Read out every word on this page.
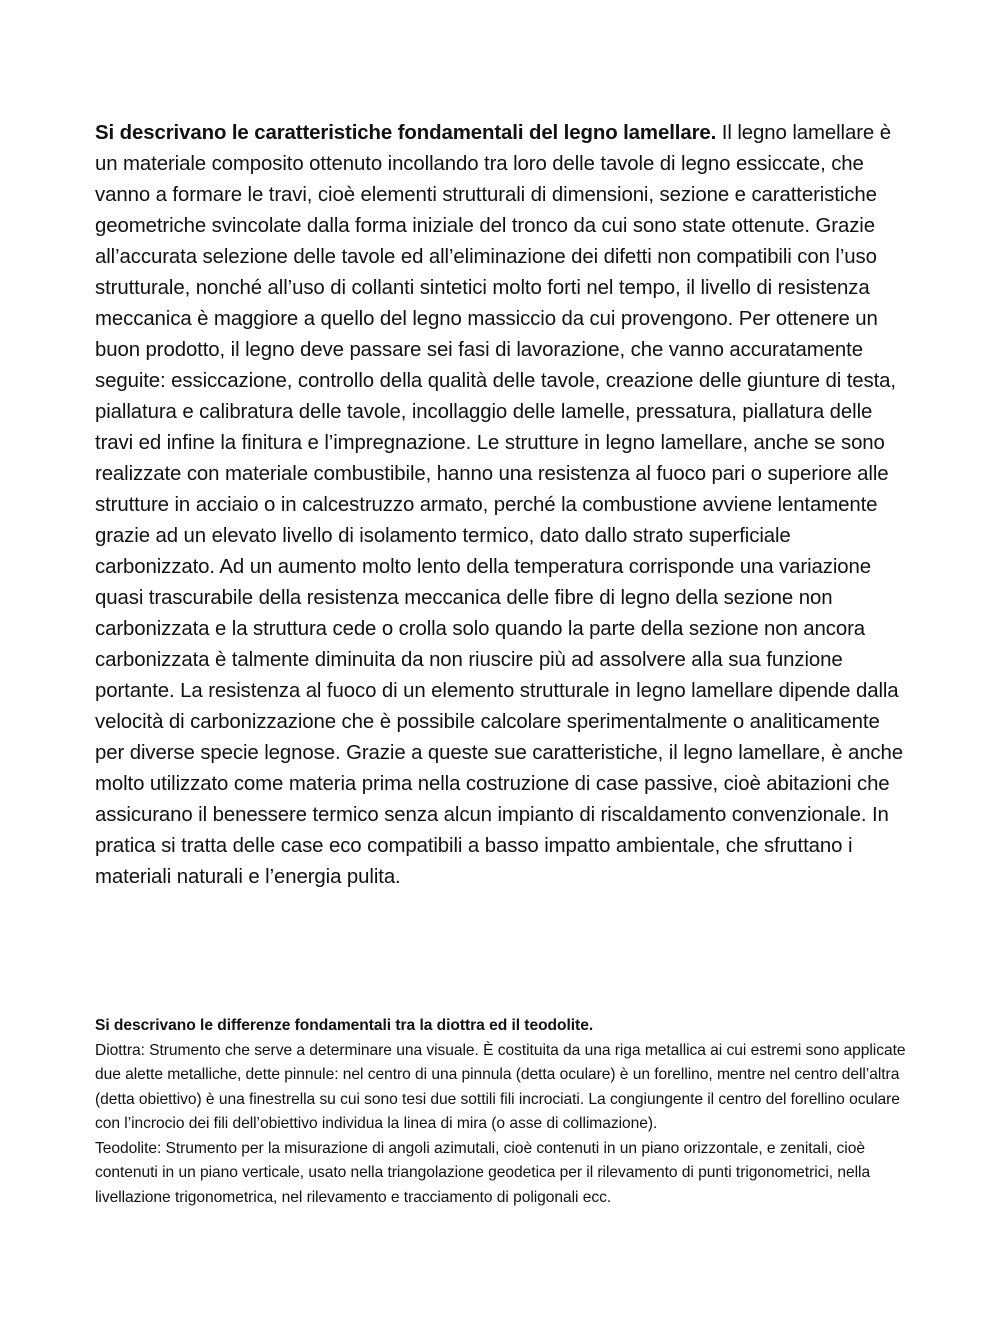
Si descrivano le caratteristiche fondamentali del legno lamellare. Il legno lamellare è un materiale composito ottenuto incollando tra loro delle tavole di legno essiccate, che vanno a formare le travi, cioè elementi strutturali di dimensioni, sezione e caratteristiche geometriche svincolate dalla forma iniziale del tronco da cui sono state ottenute. Grazie all’accurata selezione delle tavole ed all’eliminazione dei difetti non compatibili con l’uso strutturale, nonché all’uso di collanti sintetici molto forti nel tempo, il livello di resistenza meccanica è maggiore a quello del legno massiccio da cui provengono. Per ottenere un buon prodotto, il legno deve passare sei fasi di lavorazione, che vanno accuratamente seguite: essiccazione, controllo della qualità delle tavole, creazione delle giunture di testa, piallatura e calibratura delle tavole, incollaggio delle lamelle, pressatura, piallatura delle travi ed infine la finitura e l’impregnazione. Le strutture in legno lamellare, anche se sono realizzate con materiale combustibile, hanno una resistenza al fuoco pari o superiore alle strutture in acciaio o in calcestruzzo armato, perché la combustione avviene lentamente grazie ad un elevato livello di isolamento termico, dato dallo strato superficiale carbonizzato. Ad un aumento molto lento della temperatura corrisponde una variazione quasi trascurabile della resistenza meccanica delle fibre di legno della sezione non carbonizzata e la struttura cede o crolla solo quando la parte della sezione non ancora carbonizzata è talmente diminuita da non riuscire più ad assolvere alla sua funzione portante. La resistenza al fuoco di un elemento strutturale in legno lamellare dipende dalla velocità di carbonizzazione che è possibile calcolare sperimentalmente o analiticamente per diverse specie legnose. Grazie a queste sue caratteristiche, il legno lamellare, è anche molto utilizzato come materia prima nella costruzione di case passive, cioè abitazioni che assicurano il benessere termico senza alcun impianto di riscaldamento convenzionale. In pratica si tratta delle case eco compatibili a basso impatto ambientale, che sfruttano i materiali naturali e l’energia pulita.

Si descrivano le differenze fondamentali tra la diottra ed il teodolite.

Diottra: Strumento che serve a determinare una visuale. È costituita da una riga metallica ai cui estremi sono applicate due alette metalliche, dette pinnule: nel centro di una pinnula (detta oculare) è un forellino, mentre nel centro dell’altra (detta obiettivo) è una finestrella su cui sono tesi due sottili fili incrociati. La congiungente il centro del forellino oculare con l’incrocio dei fili dell’obiettivo individua la linea di mira (o asse di collimazione).

Teodolite: Strumento per la misurazione di angoli azimutali, cioè contenuti in un piano orizzontale, e zenitali, cioè contenuti in un piano verticale, usato nella triangolazione geodetica per il rilevamento di punti trigonometrici, nella livellazione trigonometrica, nel rilevamento e tracciamento di poligonali ecc.
